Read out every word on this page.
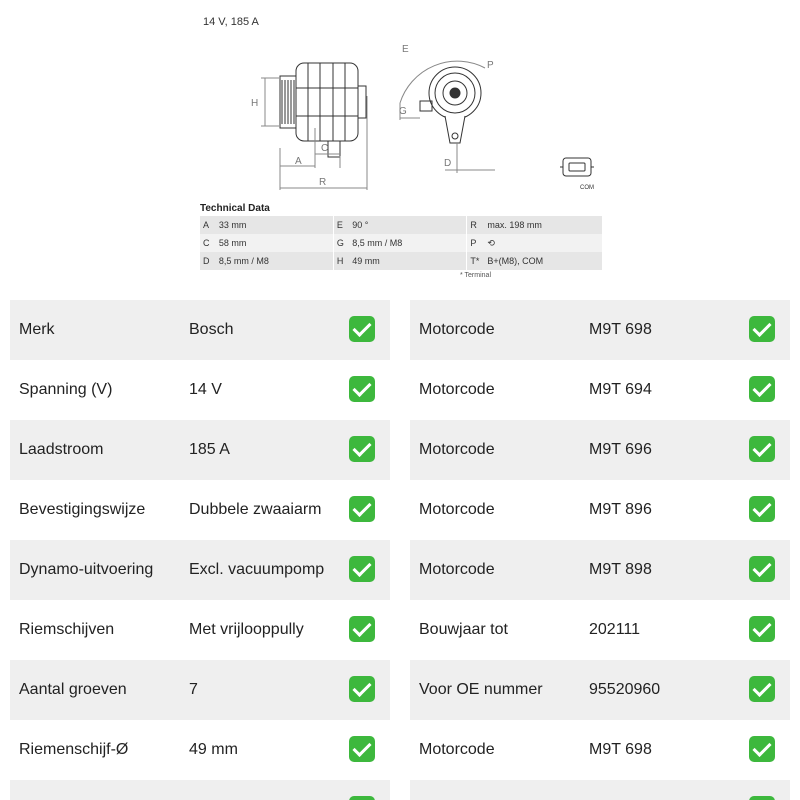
14 V, 185 A
H
A
C
R
E
P
G
D
COM
Technical Data
A	33 mm	E	90 °	R	max. 198 mm
C	58 mm	G	8,5 mm / M8	P	⟲
D	8,5 mm / M8	H	49 mm	T*	B+(M8), COM
* Terminal
Merk	Bosch
Spanning (V)	14 V
Laadstroom	185 A
Bevestigingswijze	Dubbele zwaaiarm
Dynamo-uitvoering Excl. vacuumpomp
Riemschijven	Met vrijlooppully
Aantal groeven	7
Riemenschijf-Ø	49 mm
Motorcode	M9T 698
Motorcode	M9T 694
Motorcode	M9T 696
Motorcode	M9T 896
Motorcode	M9T 898
Bouwjaar tot	202111
Voor OE nummer	95520960
Motorcode	M9T 698
